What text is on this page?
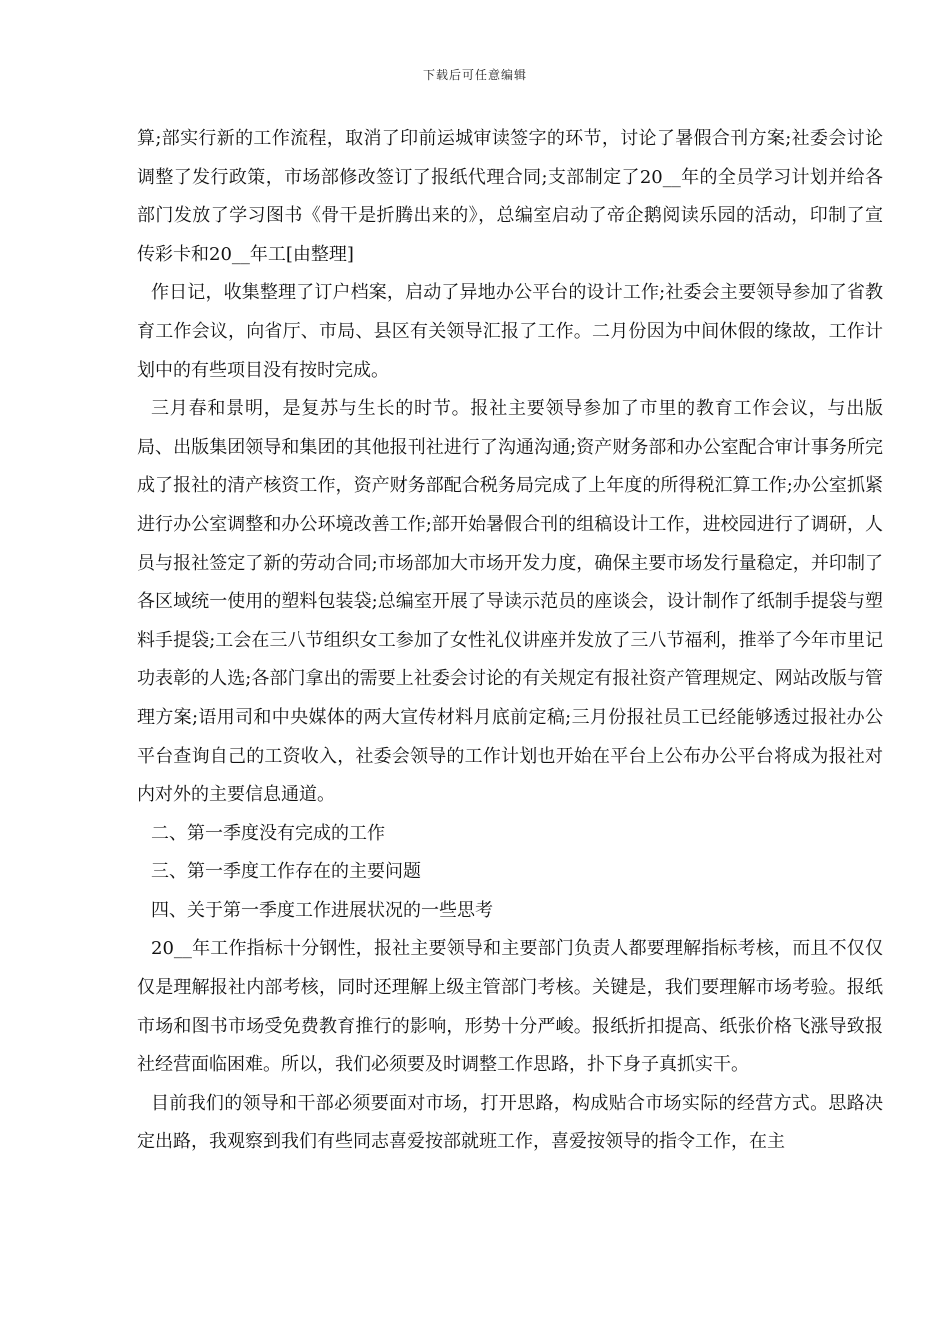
下载后可任意编辑

算;部实行新的工作流程，取消了印前运城审读签字的环节，讨论了暑假合刊方案;社委会讨论调整了发行政策，市场部修改签订了报纸代理合同;支部制定了20__年的全员学习计划并给各部门发放了学习图书《骨干是折腾出来的》，总编室启动了帝企鹅阅读乐园的活动，印制了宣传彩卡和20__年工[由整理]

作日记，收集整理了订户档案，启动了异地办公平台的设计工作;社委会主要领导参加了省教育工作会议，向省厅、市局、县区有关领导汇报了工作。二月份因为中间休假的缘故，工作计划中的有些项目没有按时完成。

三月春和景明，是复苏与生长的时节。报社主要领导参加了市里的教育工作会议，与出版局、出版集团领导和集团的其他报刊社进行了沟通沟通;资产财务部和办公室配合审计事务所完成了报社的清产核资工作，资产财务部配合税务局完成了上年度的所得税汇算工作;办公室抓紧进行办公室调整和办公环境改善工作;部开始暑假合刊的组稿设计工作，进校园进行了调研，人员与报社签定了新的劳动合同;市场部加大市场开发力度，确保主要市场发行量稳定，并印制了各区域统一使用的塑料包装袋;总编室开展了导读示范员的座谈会，设计制作了纸制手提袋与塑料手提袋;工会在三八节组织女工参加了女性礼仪讲座并发放了三八节福利，推举了今年市里记功表彰的人选;各部门拿出的需要上社委会讨论的有关规定有报社资产管理规定、网站改版与管理方案;语用司和中央媒体的两大宣传材料月底前定稿;三月份报社员工已经能够透过报社办公平台查询自己的工资收入，社委会领导的工作计划也开始在平台上公布办公平台将成为报社对内对外的主要信息通道。

二、第一季度没有完成的工作

三、第一季度工作存在的主要问题

四、关于第一季度工作进展状况的一些思考

20__年工作指标十分钢性，报社主要领导和主要部门负责人都要理解指标考核，而且不仅仅仅是理解报社内部考核，同时还理解上级主管部门考核。关键是，我们要理解市场考验。报纸市场和图书市场受免费教育推行的影响，形势十分严峻。报纸折扣提高、纸张价格飞涨导致报社经营面临困难。所以，我们必须要及时调整工作思路，扑下身子真抓实干。

目前我们的领导和干部必须要面对市场，打开思路，构成贴合市场实际的经营方式。思路决定出路，我观察到我们有些同志喜爱按部就班工作，喜爱按领导的指令工作，在主
